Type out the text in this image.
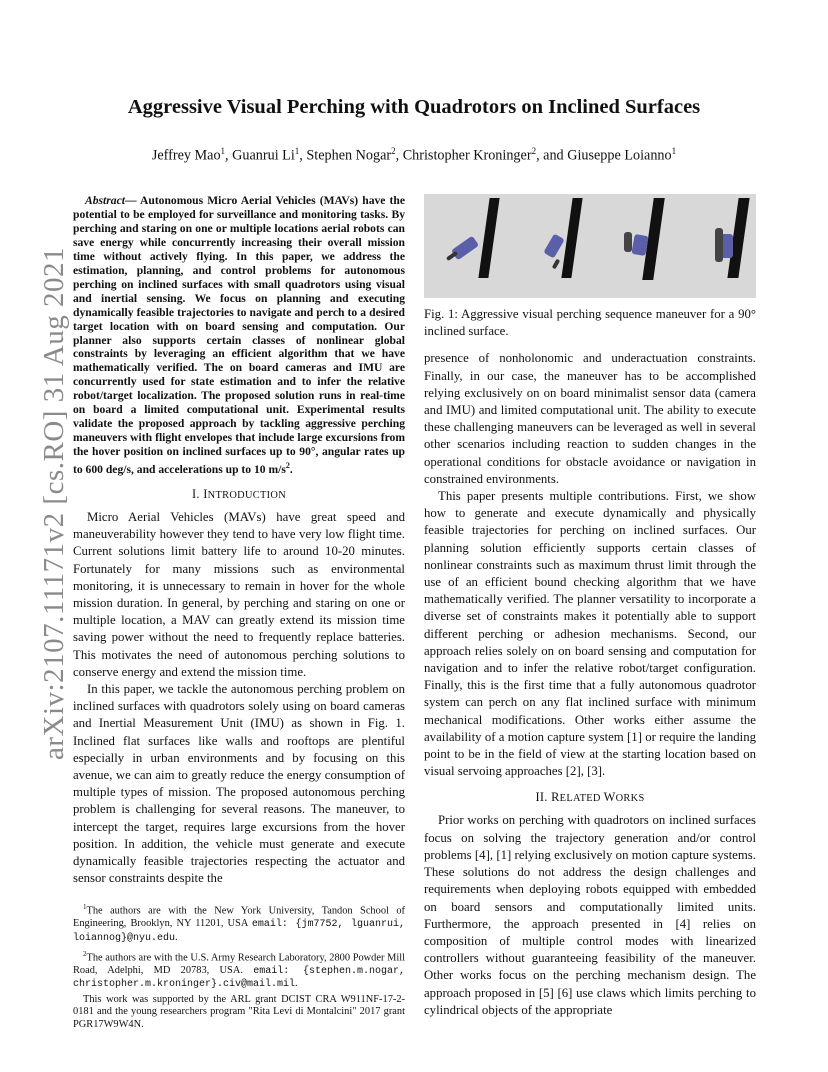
arXiv:2107.11171v2 [cs.RO] 31 Aug 2021
Aggressive Visual Perching with Quadrotors on Inclined Surfaces
Jeffrey Mao$^1$, Guanrui Li$^1$, Stephen Nogar$^2$, Christopher Kroninger$^2$, and Giuseppe Loianno$^1$

Abstract— Autonomous Micro Aerial Vehicles (MAVs) have the potential to be employed for surveillance and monitoring tasks. By perching and staring on one or multiple locations aerial robots can save energy while concurrently increasing their overall mission time without actively flying. In this paper, we address the estimation, planning, and control problems for autonomous perching on inclined surfaces with small quadrotors using visual and inertial sensing. We focus on planning and executing dynamically feasible trajectories to navigate and perch to a desired target location with on board sensing and computation. Our planner also supports certain classes of nonlinear global constraints by leveraging an efficient algorithm that we have mathematically verified. The on board cameras and IMU are concurrently used for state estimation and to infer the relative robot/target localization. The proposed solution runs in real-time on board a limited computational unit. Experimental results validate the proposed approach by tackling aggressive perching maneuvers with flight envelopes that include large excursions from the hover position on inclined surfaces up to 90°, angular rates up to 600 deg/s, and accelerations up to 10 $m/s^2$.

I. INTRODUCTION

Micro Aerial Vehicles (MAVs) have great speed and maneuverability however they tend to have very low flight time. Current solutions limit battery life to around 10-20 minutes. Fortunately for many missions such as environmental monitoring, it is unnecessary to remain in hover for the whole mission duration. In general, by perching and staring on one or multiple location, a MAV can greatly extend its mission time saving power without the need to frequently replace batteries. This motivates the need of autonomous perching solutions to conserve energy and extend the mission time.

In this paper, we tackle the autonomous perching problem on inclined surfaces with quadrotors solely using on board cameras and Inertial Measurement Unit (IMU) as shown in Fig. 1. Inclined flat surfaces like walls and rooftops are plentiful especially in urban environments and by focusing on this avenue, we can aim to greatly reduce the energy consumption of multiple types of mission. The proposed autonomous perching problem is challenging for several reasons. The maneuver, to intercept the target, requires large excursions from the hover position. In addition, the vehicle must generate and execute dynamically feasible trajectories respecting the actuator and sensor constraints despite the

$^1$The authors are with the New York University, Tandon School of Engineering, Brooklyn, NY 11201, USA email: {jm7752, lguanrui, loiannog}@nyu.edu.

$^2$The authors are with the U.S. Army Research Laboratory, 2800 Powder Mill Road, Adelphi, MD 20783, USA. email: {stephen.m.nogar, christopher.m.kroninger}.civ@mail.mil.

This work was supported by the ARL grant DCIST CRA W911NF-17-2-0181 and the young researchers program "Rita Levi di Montalcini" 2017 grant PGR17W9W4N.

Fig. 1: Aggressive visual perching sequence maneuver for a 90° inclined surface.

presence of nonholonomic and underactuation constraints. Finally, in our case, the maneuver has to be accomplished relying exclusively on on board minimalist sensor data (camera and IMU) and limited computational unit. The ability to execute these challenging maneuvers can be leveraged as well in several other scenarios including reaction to sudden changes in the operational conditions for obstacle avoidance or navigation in constrained environments.

This paper presents multiple contributions. First, we show how to generate and execute dynamically and physically feasible trajectories for perching on inclined surfaces. Our planning solution efficiently supports certain classes of nonlinear constraints such as maximum thrust limit through the use of an efficient bound checking algorithm that we have mathematically verified. The planner versatility to incorporate a diverse set of constraints makes it potentially able to support different perching or adhesion mechanisms. Second, our approach relies solely on on board sensing and computation for navigation and to infer the relative robot/target configuration. Finally, this is the first time that a fully autonomous quadrotor system can perch on any flat inclined surface with minimum mechanical modifications. Other works either assume the availability of a motion capture system [1] or require the landing point to be in the field of view at the starting location based on visual servoing approaches [2], [3].

II. RELATED WORKS

Prior works on perching with quadrotors on inclined surfaces focus on solving the trajectory generation and/or control problems [4], [1] relying exclusively on motion capture systems. These solutions do not address the design challenges and requirements when deploying robots equipped with embedded on board sensors and computationally limited units. Furthermore, the approach presented in [4] relies on composition of multiple control modes with linearized controllers without guaranteeing feasibility of the maneuver. Other works focus on the perching mechanism design. The approach proposed in [5] [6] use claws which limits perching to cylindrical objects of the appropriate
